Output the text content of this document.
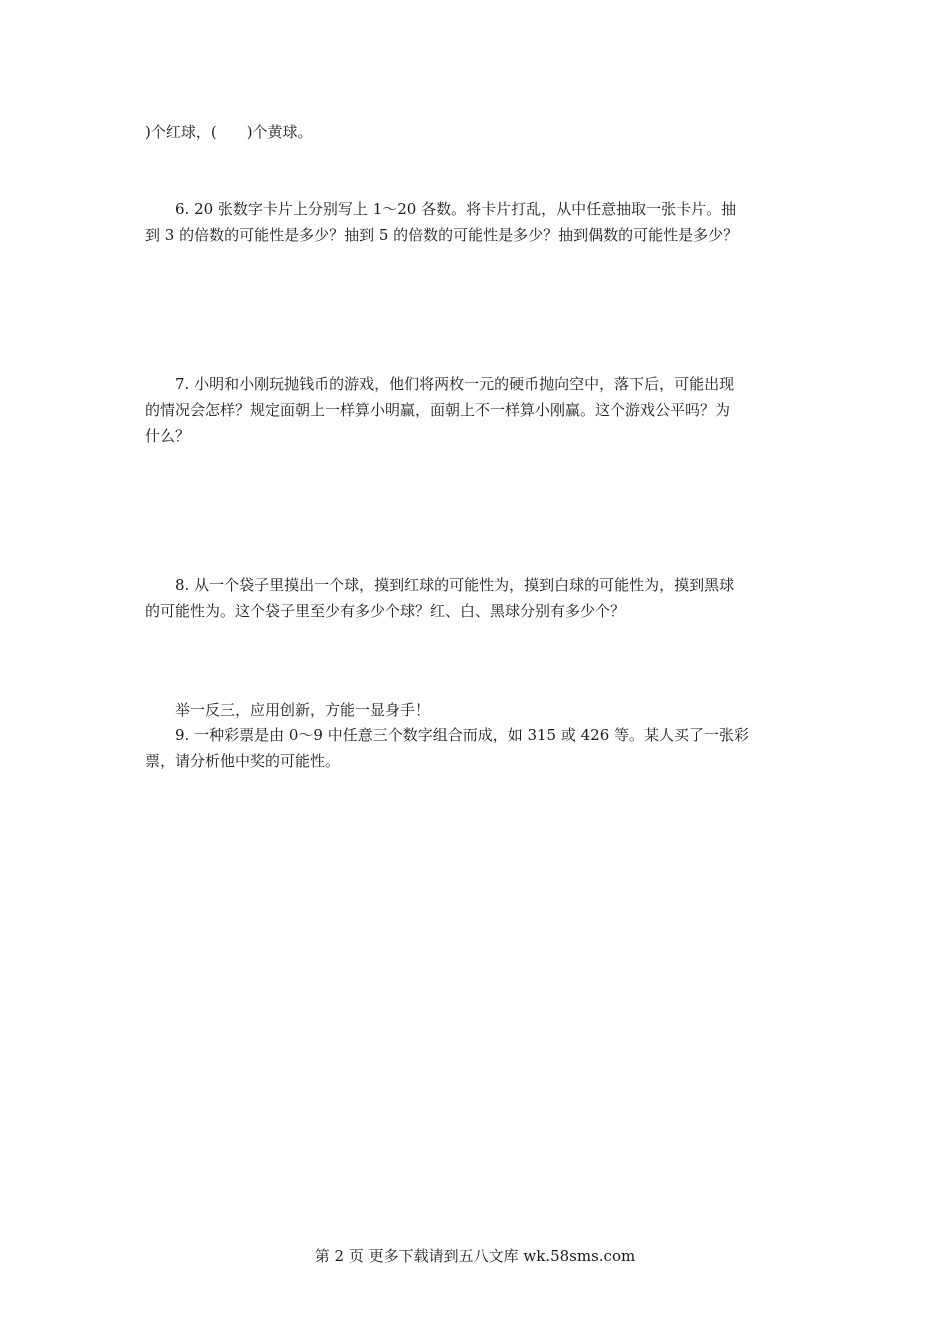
)个红球，(　　)个黄球。
6. 20 张数字卡片上分别写上 1～20 各数。将卡片打乱，从中任意抽取一张卡片。抽
到 3 的倍数的可能性是多少？抽到 5 的倍数的可能性是多少？抽到偶数的可能性是多少？
7. 小明和小刚玩抛钱币的游戏，他们将两枚一元的硬币抛向空中，落下后，可能出现
的情况会怎样？规定面朝上一样算小明赢，面朝上不一样算小刚赢。这个游戏公平吗？为
什么？
8. 从一个袋子里摸出一个球，摸到红球的可能性为，摸到白球的可能性为，摸到黑球
的可能性为。这个袋子里至少有多少个球？红、白、黑球分别有多少个？
举一反三，应用创新，方能一显身手！
9. 一种彩票是由 0～9 中任意三个数字组合而成，如 315 或 426 等。某人买了一张彩
票，请分析他中奖的可能性。
第 2 页 更多下载请到五八文库 wk.58sms.com
